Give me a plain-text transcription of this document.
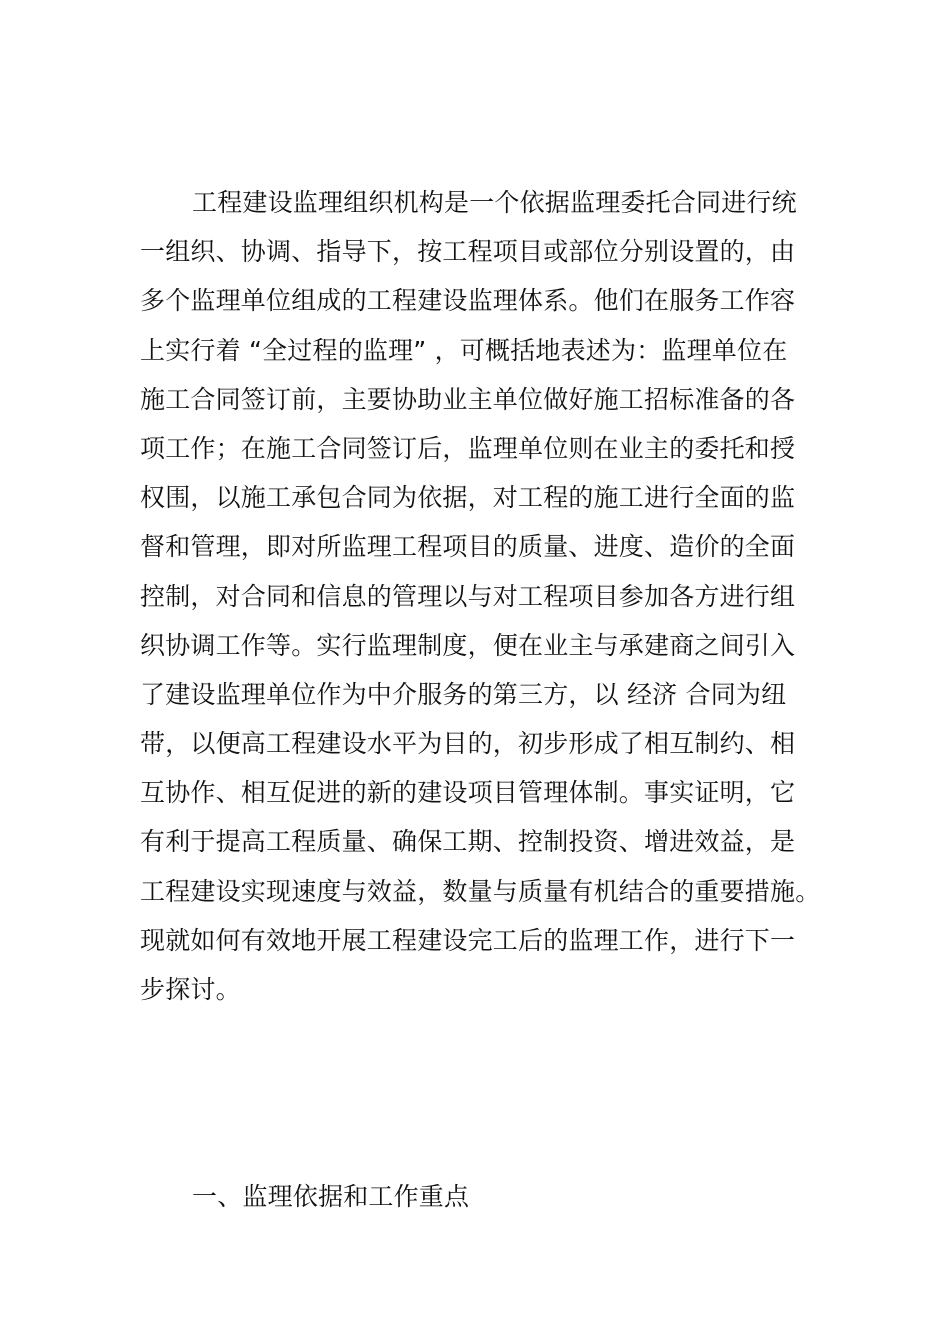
工程建设监理组织机构是一个依据监理委托合同进行统
一组织、协调、指导下，按工程项目或部位分别设置的，由
多个监理单位组成的工程建设监理体系。他们在服务工作容
上实行着 “全过程的监理” ，可概括地表述为：监理单位在
施工合同签订前，主要协助业主单位做好施工招标准备的各
项工作；在施工合同签订后，监理单位则在业主的委托和授
权围，以施工承包合同为依据，对工程的施工进行全面的监
督和管理，即对所监理工程项目的质量、进度、造价的全面
控制，对合同和信息的管理以与对工程项目参加各方进行组
织协调工作等。实行监理制度，便在业主与承建商之间引入
了建设监理单位作为中介服务的第三方，以 经济 合同为纽
带，以便高工程建设水平为目的，初步形成了相互制约、相
互协作、相互促进的新的建设项目管理体制。事实证明，它
有利于提高工程质量、确保工期、控制投资、增进效益，是
工程建设实现速度与效益，数量与质量有机结合的重要措施。
现就如何有效地开展工程建设完工后的监理工作，进行下一
步探讨。
一、监理依据和工作重点
